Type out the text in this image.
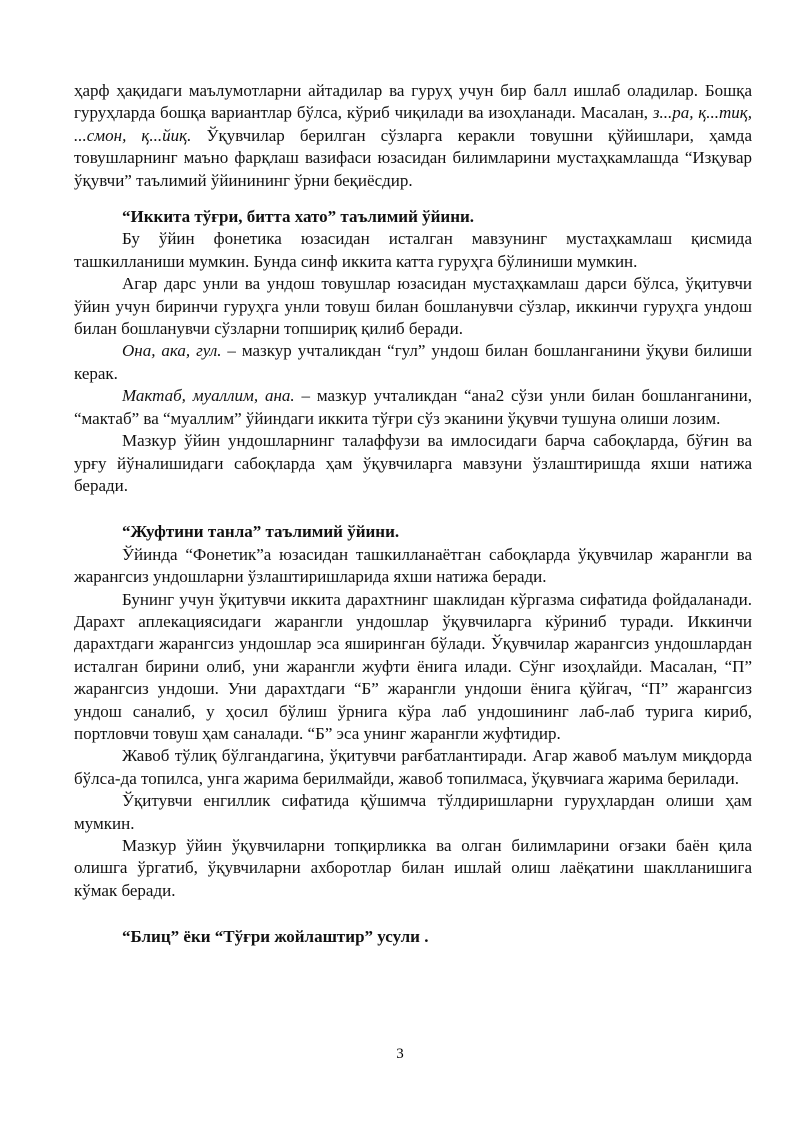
ҳарф ҳақидаги маълумотларни айтадилар ва гуруҳ учун бир балл ишлаб оладилар. Бошқа гуруҳларда бошқа вариантлар бўлса, кўриб чиқилади ва изоҳланади. Масалан, з...ра, қ...тиқ, ...смон, қ...йиқ. Ўқувчилар берилган сўзларга керакли товушни қўйишлари, ҳамда товушларнинг маъно фарқлаш вазифаси юзасидан билимларини мустаҳкамлашда “Изқувар ўқувчи” таълимий ўйинининг ўрни беқиёсдир.

“Иккита тўғри, битта хато” таълимий ўйини.

Бу ўйин фонетика юзасидан исталган мавзунинг мустаҳкамлаш қисмида ташкилланиши мумкин. Бунда синф иккита катта гуруҳга бўлиниши мумкин.

Агар дарс унли ва ундош товушлар юзасидан мустаҳкамлаш дарси бўлса, ўқитувчи ўйин учун биринчи гуруҳга унли товуш билан бошланувчи сўзлар, иккинчи гуруҳга ундош билан бошланувчи сўзларни топшириқ қилиб беради.

Она, ака, гул. – мазкур учталикдан “гул” ундош билан бошланганини ўқуви билиши керак.

Мактаб, муаллим, ана. – мазкур учталикдан “ана2 сўзи унли билан бошланганини, “мактаб” ва “муаллим” ўйиндаги иккита тўғри сўз эканини ўқувчи тушуна олиши лозим.

Мазкур ўйин ундошларнинг талаффузи ва имлосидаги барча сабоқларда, бўғин ва урғу йўналишидаги сабоқларда ҳам ўқувчиларга мавзуни ўзлаштиришда яхши натижа беради.

“Жуфтини танла” таълимий ўйини.

Ўйинда “Фонетик”а юзасидан ташкилланаётган сабоқларда ўқувчилар жарангли ва жарангсиз ундошларни ўзлаштиришларида яхши натижа беради.

Бунинг учун ўқитувчи иккита дарахтнинг шаклидан кўргазма сифатида фойдаланади. Дарахт аплекациясидаги жарангли ундошлар ўқувчиларга кўриниб туради. Иккинчи дарахтдаги жарангсиз ундошлар эса яширинган бўлади. Ўқувчилар жарангсиз ундошлардан исталган бирини олиб, уни жарангли жуфти ёнига илади. Сўнг изоҳлайди. Масалан, “П” жарангсиз ундоши. Уни дарахтдаги “Б” жарангли ундоши ёнига қўйгач, “П” жарангсиз ундош саналиб, у ҳосил бўлиш ўрнига кўра лаб ундошининг лаб-лаб турига кириб, портловчи товуш ҳам саналади. “Б” эса унинг жарангли жуфтидир.

Жавоб тўлиқ бўлгандагина, ўқитувчи рағбатлантиради. Агар жавоб маълум миқдорда бўлса-да топилса, унга жарима берилмайди, жавоб топилмаса, ўқувчиага жарима берилади.

Ўқитувчи енгиллик сифатида қўшимча тўлдиришларни гуруҳлардан олиши ҳам мумкин.

Мазкур ўйин ўқувчиларни топқирликка ва олган билимларини оғзаки баён қила олишга ўргатиб, ўқувчиларни ахборотлар билан ишлай олиш лаёқатини шаклланишига кўмак беради.

“Блиц” ёки “Тўғри жойлаштир” усули .

3
